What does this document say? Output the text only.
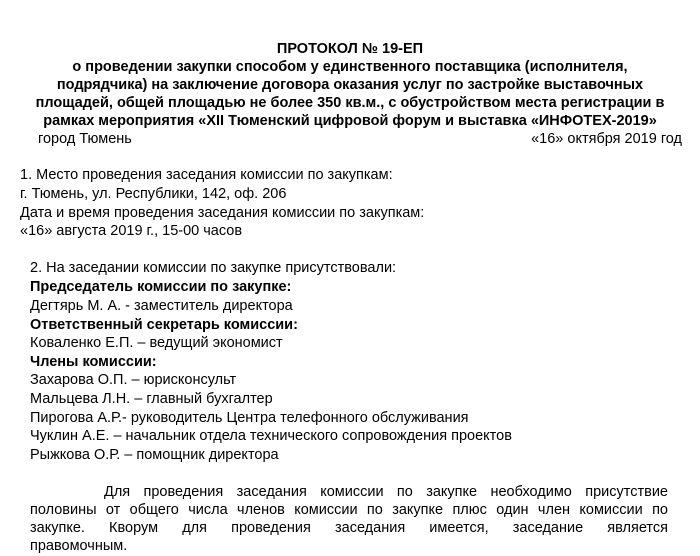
ПРОТОКОЛ № 19-ЕП
о проведении закупки способом у единственного поставщика (исполнителя,
подрядчика) на заключение договора оказания услуг по застройке выставочных
площадей, общей площадью не более 350 кв.м., с обустройством места регистрации в
рамках мероприятия «XII Тюменский цифровой форум и выставка «ИНФОТЕХ-2019»
город Тюмень	«16» октября 2019 год
1. Место проведения заседания комиссии по закупкам:
г. Тюмень, ул. Республики, 142, оф. 206
Дата и время проведения заседания комиссии по закупкам:
«16» августа 2019 г., 15-00 часов
2. На заседании комиссии по закупке присутствовали:
Председатель комиссии по закупке:
Дегтярь М. А. - заместитель директора
Ответственный секретарь комиссии:
Коваленко Е.П. – ведущий экономист
Члены комиссии:
Захарова О.П. – юрисконсульт
Мальцева Л.Н. – главный бухгалтер
Пирогова А.Р.- руководитель Центра телефонного обслуживания
Чуклин А.Е. – начальник отдела технического сопровождения проектов
Рыжкова О.Р. – помощник директора
Для проведения заседания комиссии по закупке необходимо присутствие
половины от общего числа членов комиссии по закупке плюс один член комиссии по
закупке. Кворум для проведения заседания имеется, заседание является
правомочным.
